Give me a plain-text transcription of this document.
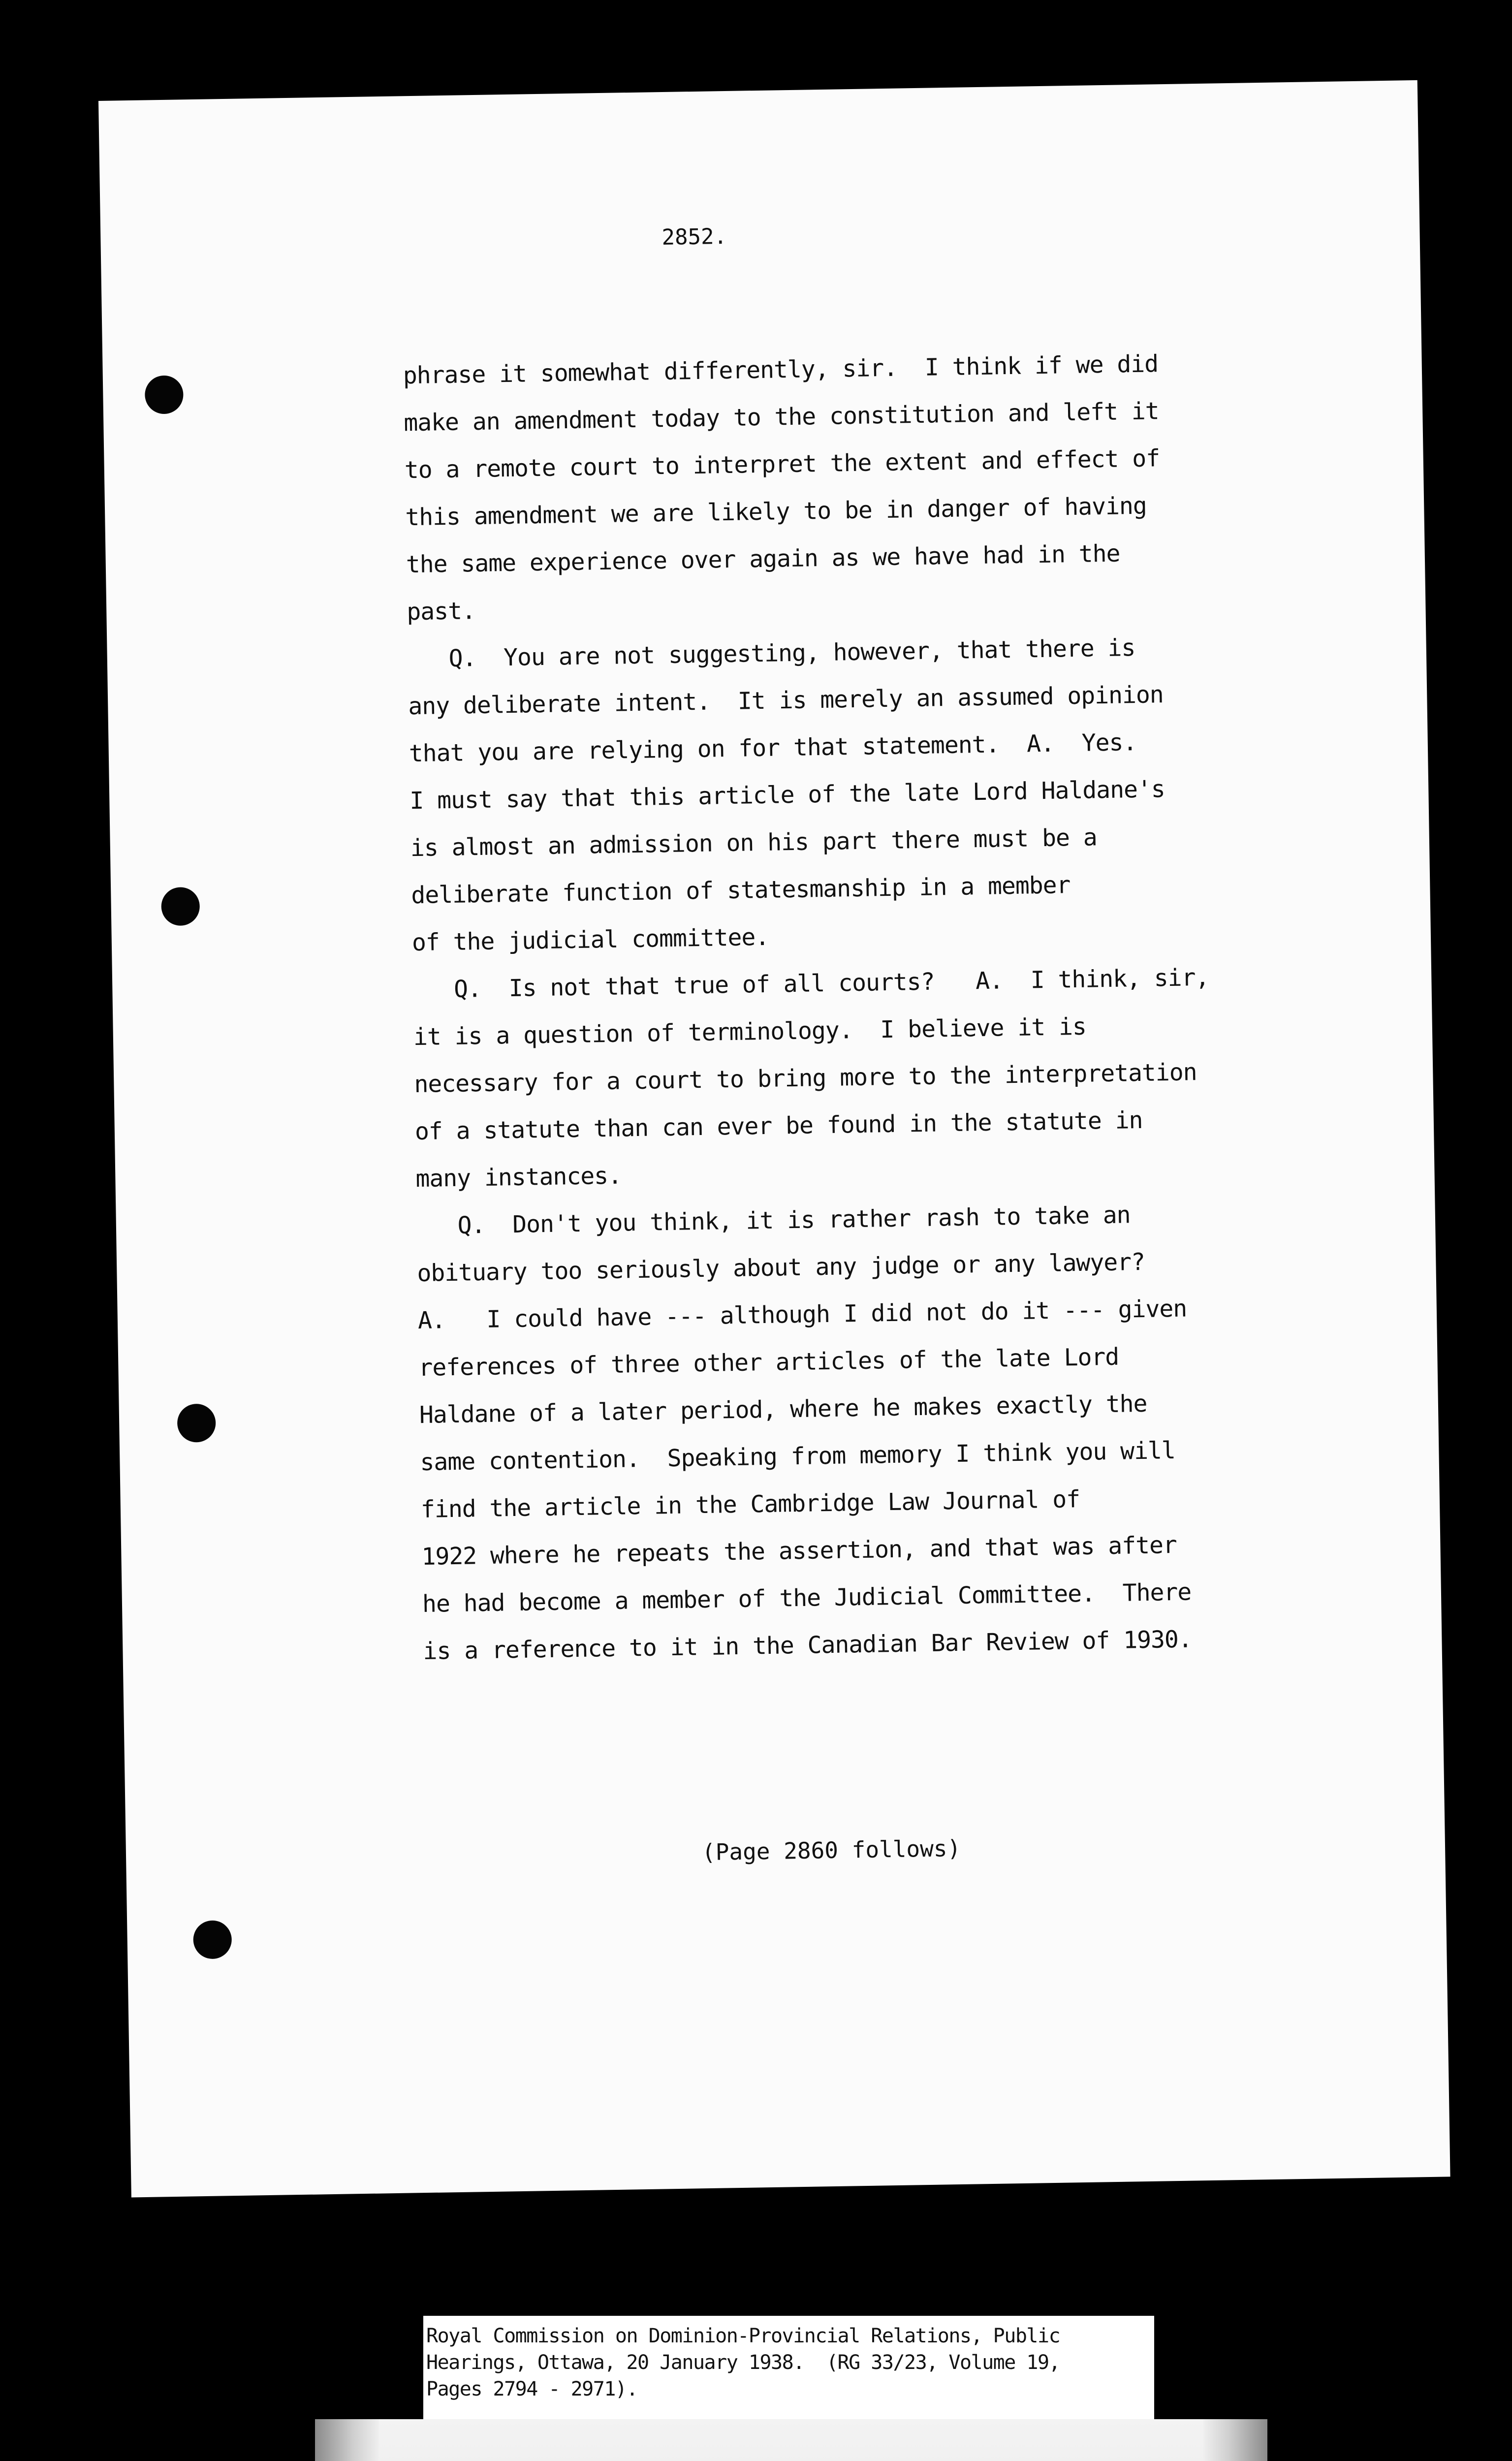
2852.
phrase it somewhat differently, sir.  I think if we did
make an amendment today to the constitution and left it
to a remote court to interpret the extent and effect of
this amendment we are likely to be in danger of having
the same experience over again as we have had in the
past.
Q.  You are not suggesting, however, that there is
any deliberate intent.  It is merely an assumed opinion
that you are relying on for that statement.  A.  Yes.
I must say that this article of the late Lord Haldane's
is almost an admission on his part there must be a
deliberate function of statesmanship in a member
of the judicial committee.
Q.  Is not that true of all courts?   A.  I think, sir,
it is a question of terminology.  I believe it is
necessary for a court to bring more to the interpretation
of a statute than can ever be found in the statute in
many instances.
Q.  Don't you think, it is rather rash to take an
obituary too seriously about any judge or any lawyer?
A.   I could have --- although I did not do it --- given
references of three other articles of the late Lord
Haldane of a later period, where he makes exactly the
same contention.  Speaking from memory I think you will
find the article in the Cambridge Law Journal of
1922 where he repeats the assertion, and that was after
he had become a member of the Judicial Committee.  There
is a reference to it in the Canadian Bar Review of 1930.
(Page 2860 follows)
Royal Commission on Dominion-Provincial Relations, Public
Hearings, Ottawa, 20 January 1938.  (RG 33/23, Volume 19,
Pages 2794 - 2971).
